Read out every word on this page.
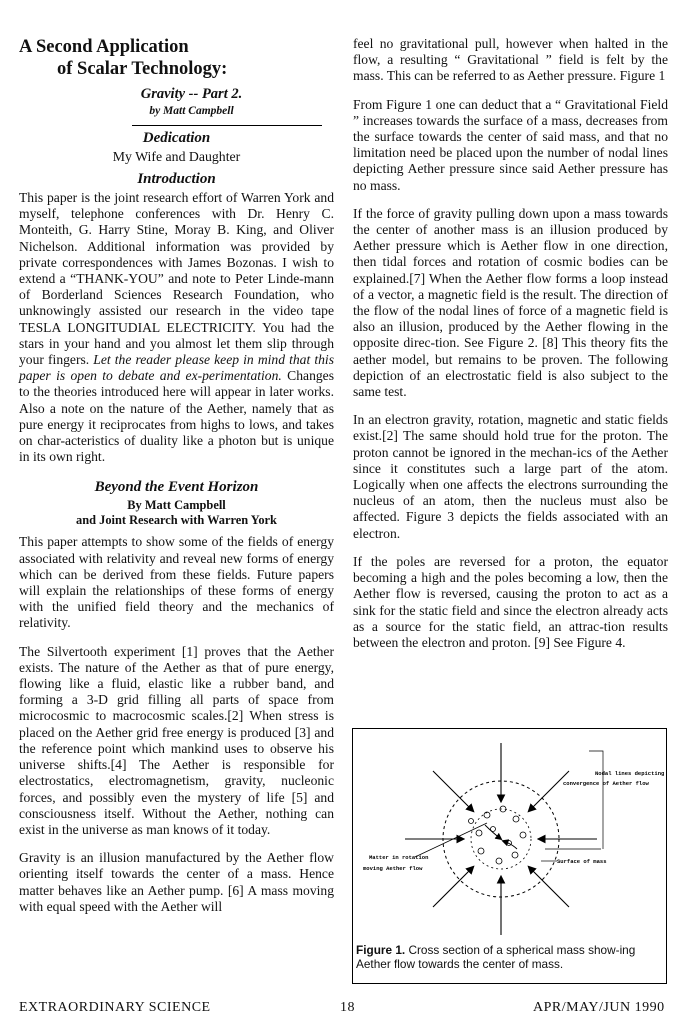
A Second Application
of Scalar Technology:
Gravity -- Part 2.
by Matt Campbell
Dedication
My Wife and Daughter
Introduction

This paper is the joint research effort of Warren York and myself, telephone conferences with Dr. Henry C. Monteith, G. Harry Stine, Moray B. King, and Oliver Nichelson. Additional information was provided by private correspondences with James Bozonas. I wish to extend a “THANK-YOU” and note to Peter Linde-mann of Borderland Sciences Research Foundation, who unknowingly assisted our research in the video tape TESLA LONGITUDIAL ELECTRICITY. You had the stars in your hand and you almost let them slip through your fingers. Let the reader please keep in mind that this paper is open to debate and ex-perimentation. Changes to the theories introduced here will appear in later works. Also a note on the nature of the Aether, namely that as pure energy it reciprocates from highs to lows, and takes on char-acteristics of duality like a photon but is unique in its own right.

Beyond the Event Horizon
By Matt Campbell
and Joint Research with Warren York

This paper attempts to show some of the fields of energy associated with relativity and reveal new forms of energy which can be derived from these fields. Future papers will explain the relationships of these forms of energy with the unified field theory and the mechanics of relativity.

The Silvertooth experiment [1] proves that the Aether exists. The nature of the Aether as that of pure energy, flowing like a fluid, elastic like a rubber band, and forming a 3-D grid filling all parts of space from microcosmic to macrocosmic scales.[2] When stress is placed on the Aether grid free energy is produced [3] and the reference point which mankind uses to observe his universe shifts.[4] The Aether is responsible for electrostatics, electromagnetism, gravity, nucleonic forces, and possibly even the mystery of life [5] and consciousness itself. Without the Aether, nothing can exist in the universe as man knows of it today.

Gravity is an illusion manufactured by the Aether flow orienting itself towards the center of a mass. Hence matter behaves like an Aether pump. [6] A mass moving with equal speed with the Aether will

feel no gravitational pull, however when halted in the flow, a resulting “ Gravitational ” field is felt by the mass. This can be referred to as Aether pressure. Figure 1

From Figure 1 one can deduct that a “ Gravitational Field ” increases towards the surface of a mass, decreases from the surface towards the center of said mass, and that no limitation need be placed upon the number of nodal lines depicting Aether pressure since said Aether pressure has no mass.

If the force of gravity pulling down upon a mass towards the center of another mass is an illusion produced by Aether pressure which is Aether flow in one direction, then tidal forces and rotation of cosmic bodies can be explained.[7] When the Aether flow forms a loop instead of a vector, a magnetic field is the result. The direction of the flow of the nodal lines of force of a magnetic field is also an illusion, produced by the Aether flowing in the opposite direc-tion. See Figure 2. [8] This theory fits the aether model, but remains to be proven. The following depiction of an electrostatic field is also subject to the same test.

In an electron gravity, rotation, magnetic and static fields exist.[2] The same should hold true for the proton. The proton cannot be ignored in the mechan-ics of the Aether since it constitutes such a large part of the atom. Logically when one affects the electrons surrounding the nucleus of an atom, then the nucleus must also be affected. Figure 3 depicts the fields associated with an electron.

If the poles are reversed for a proton, the equator becoming a high and the poles becoming a low, then the Aether flow is reversed, causing the proton to act as a sink for the static field and since the electron already acts as a source for the static field, an attrac-tion results between the electron and proton. [9] See Figure 4.

Nodal lines depicting
convergence of Aether flow
Matter in rotation
moving Aether flow
Surface of mass
Figure 1. Cross section of a spherical mass show-ing Aether flow towards the center of mass.
EXTRAORDINARY SCIENCE	18	APR/MAY/JUN 1990
